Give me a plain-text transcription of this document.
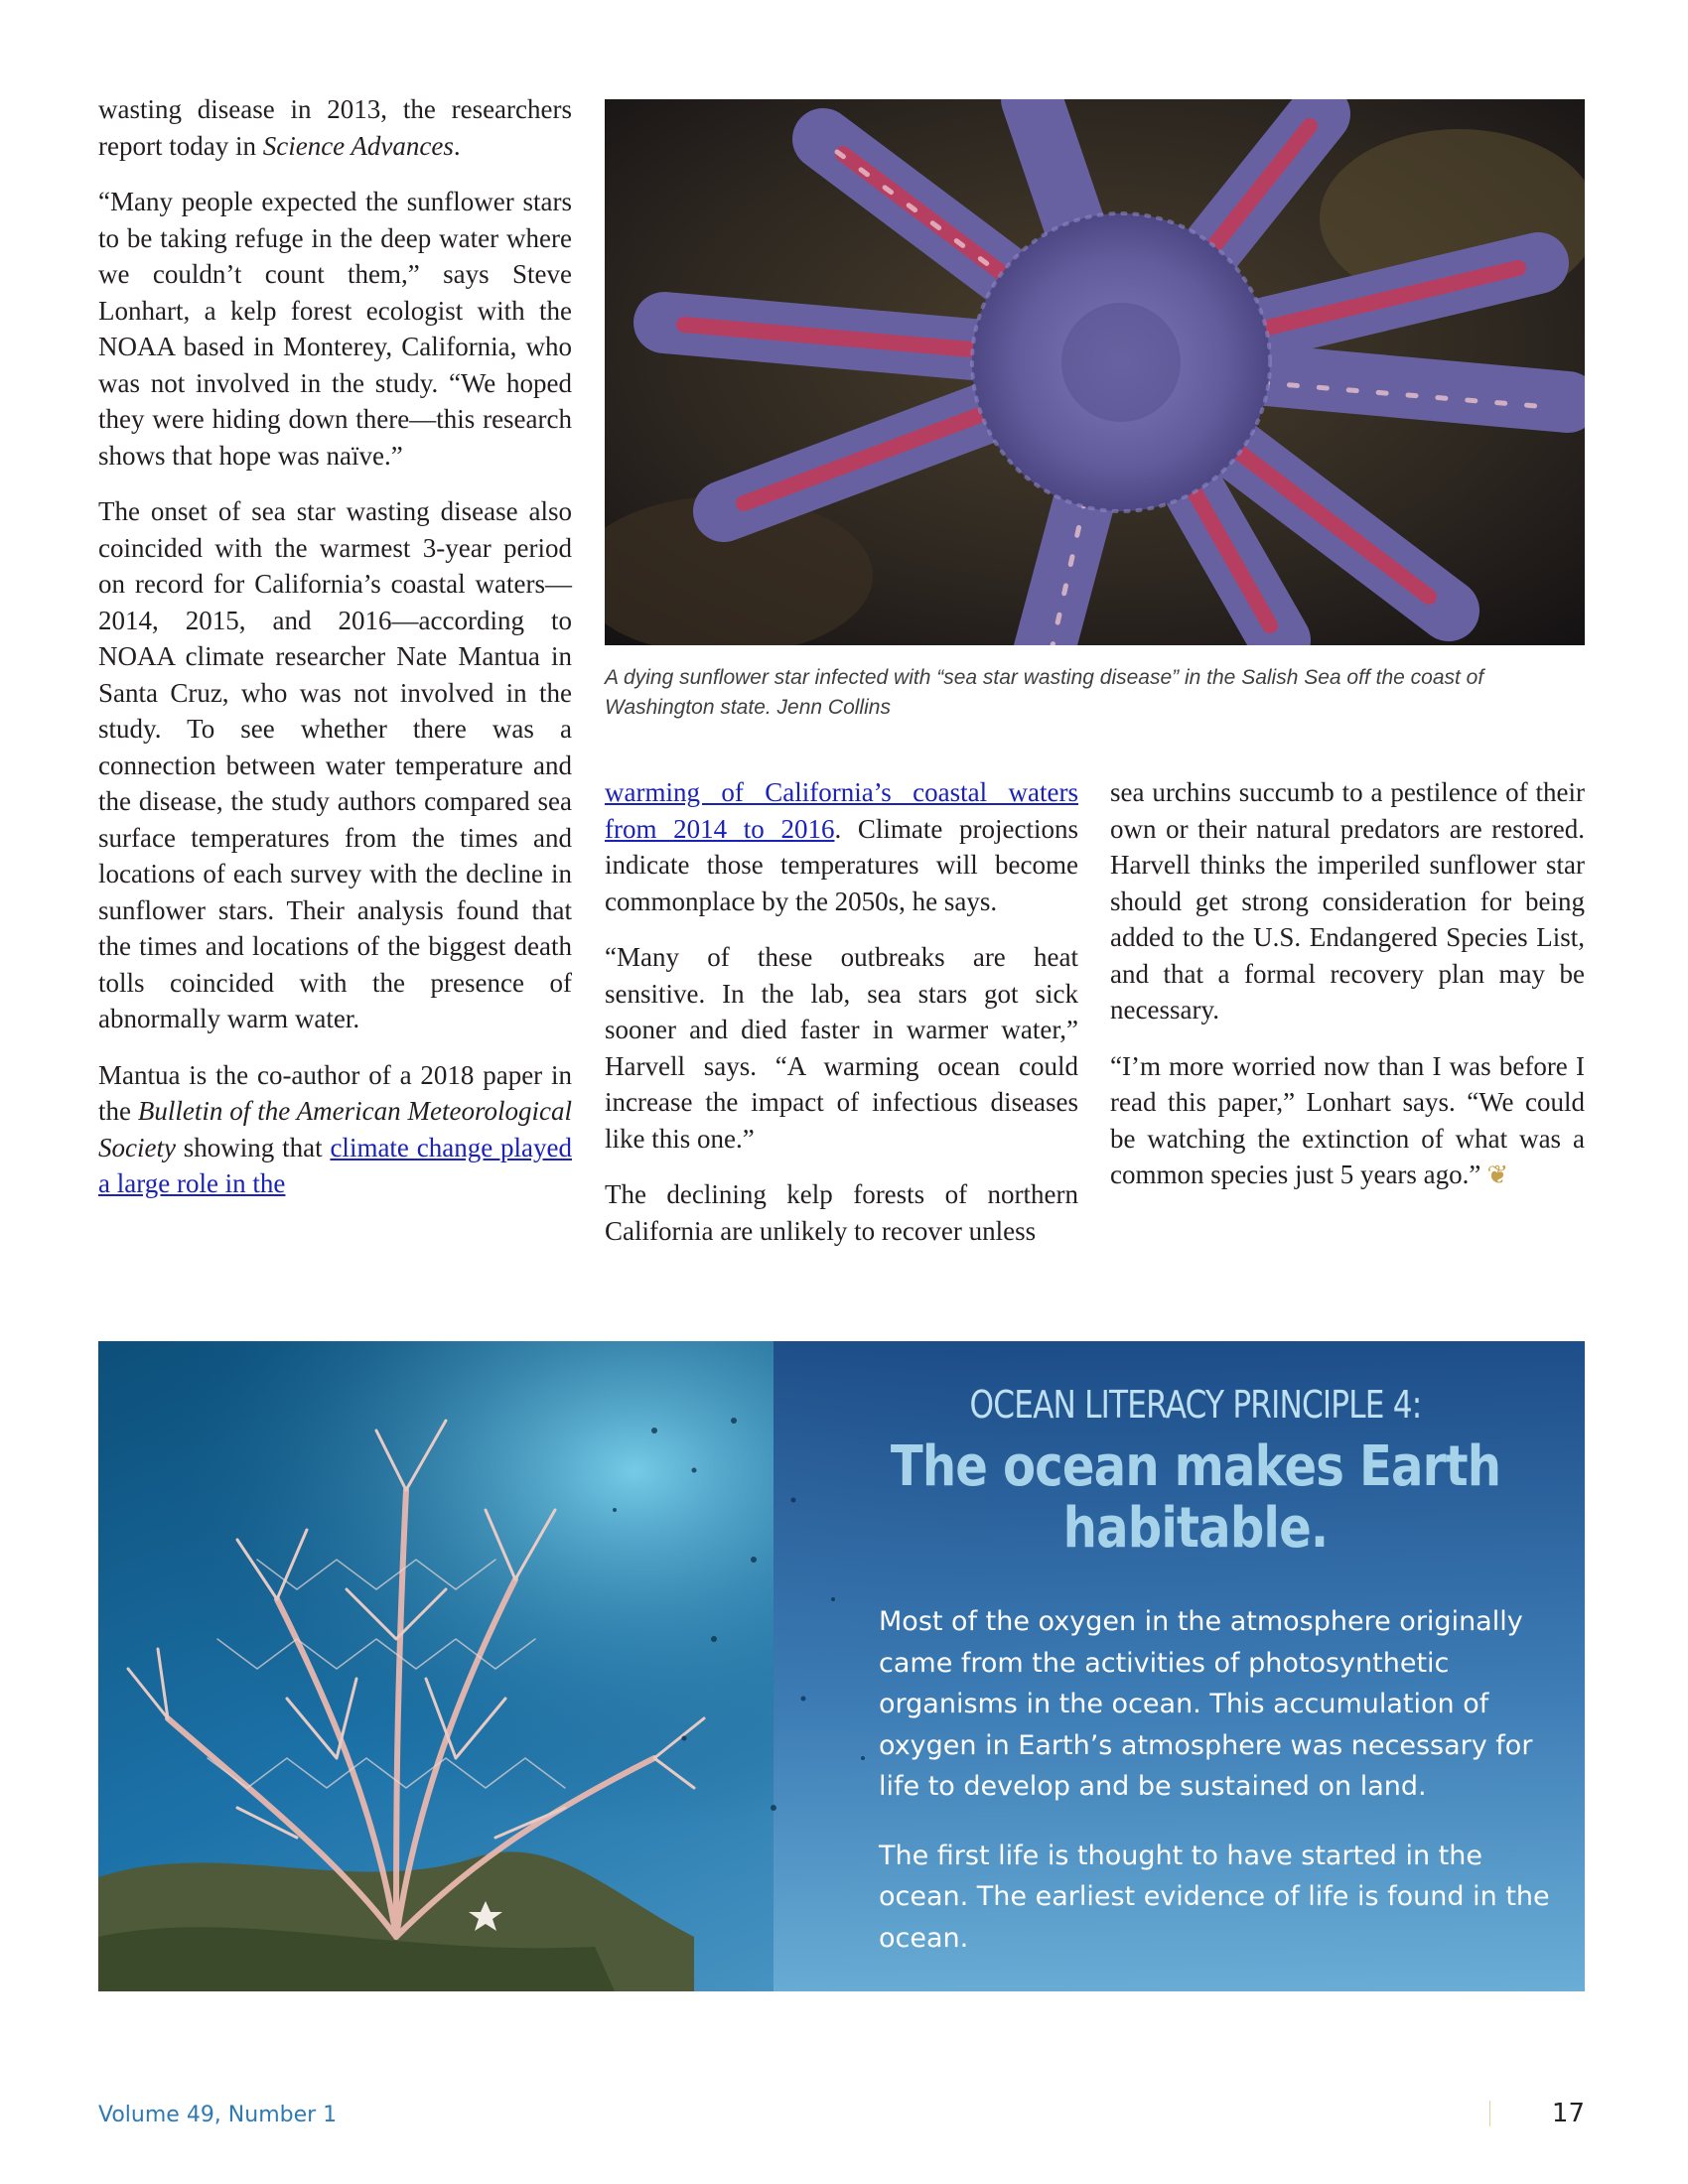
wasting disease in 2013, the researchers report today in Science Advances.

“Many people expected the sunflower stars to be taking refuge in the deep water where we couldn’t count them,” says Steve Lonhart, a kelp forest ecologist with the NOAA based in Monterey, California, who was not involved in the study. “We hoped they were hiding down there—this research shows that hope was naïve.”

The onset of sea star wasting disease also coincided with the warmest 3-year period on record for California’s coastal waters—2014, 2015, and 2016—according to NOAA climate researcher Nate Mantua in Santa Cruz, who was not involved in the study. To see whether there was a connection between water temperature and the disease, the study authors compared sea surface temperatures from the times and locations of each survey with the decline in sunflower stars. Their analysis found that the times and locations of the biggest death tolls coincided with the presence of abnormally warm water.

Mantua is the co-author of a 2018 paper in the Bulletin of the American Meteorological Society showing that climate change played a large role in the

A dying sunflower star infected with “sea star wasting disease” in the Salish Sea off the coast of
Washington state. Jenn Collins

warming of California’s coastal waters from 2014 to 2016. Climate projections indicate those temperatures will become commonplace by the 2050s, he says.

“Many of these outbreaks are heat sensitive. In the lab, sea stars got sick sooner and died faster in warmer water,” Harvell says. “A warming ocean could increase the impact of infectious diseases like this one.”

The declining kelp forests of northern California are unlikely to recover unless

sea urchins succumb to a pestilence of their own or their natural predators are restored. Harvell thinks the imperiled sunflower star should get strong consideration for being added to the U.S. Endangered Species List, and that a formal recovery plan may be necessary.

“I’m more worried now than I was before I read this paper,” Lonhart says. “We could be watching the extinction of what was a common species just 5 years ago.” ❦

OCEAN LITERACY PRINCIPLE 4:
The ocean makes Earth
habitable.

Most of the oxygen in the atmosphere originally came from the activities of photosynthetic organisms in the ocean. This accumulation of oxygen in Earth’s atmosphere was necessary for life to develop and be sustained on land.

The first life is thought to have started in the ocean. The earliest evidence of life is found in the ocean.

Volume 49, Number 1	17
